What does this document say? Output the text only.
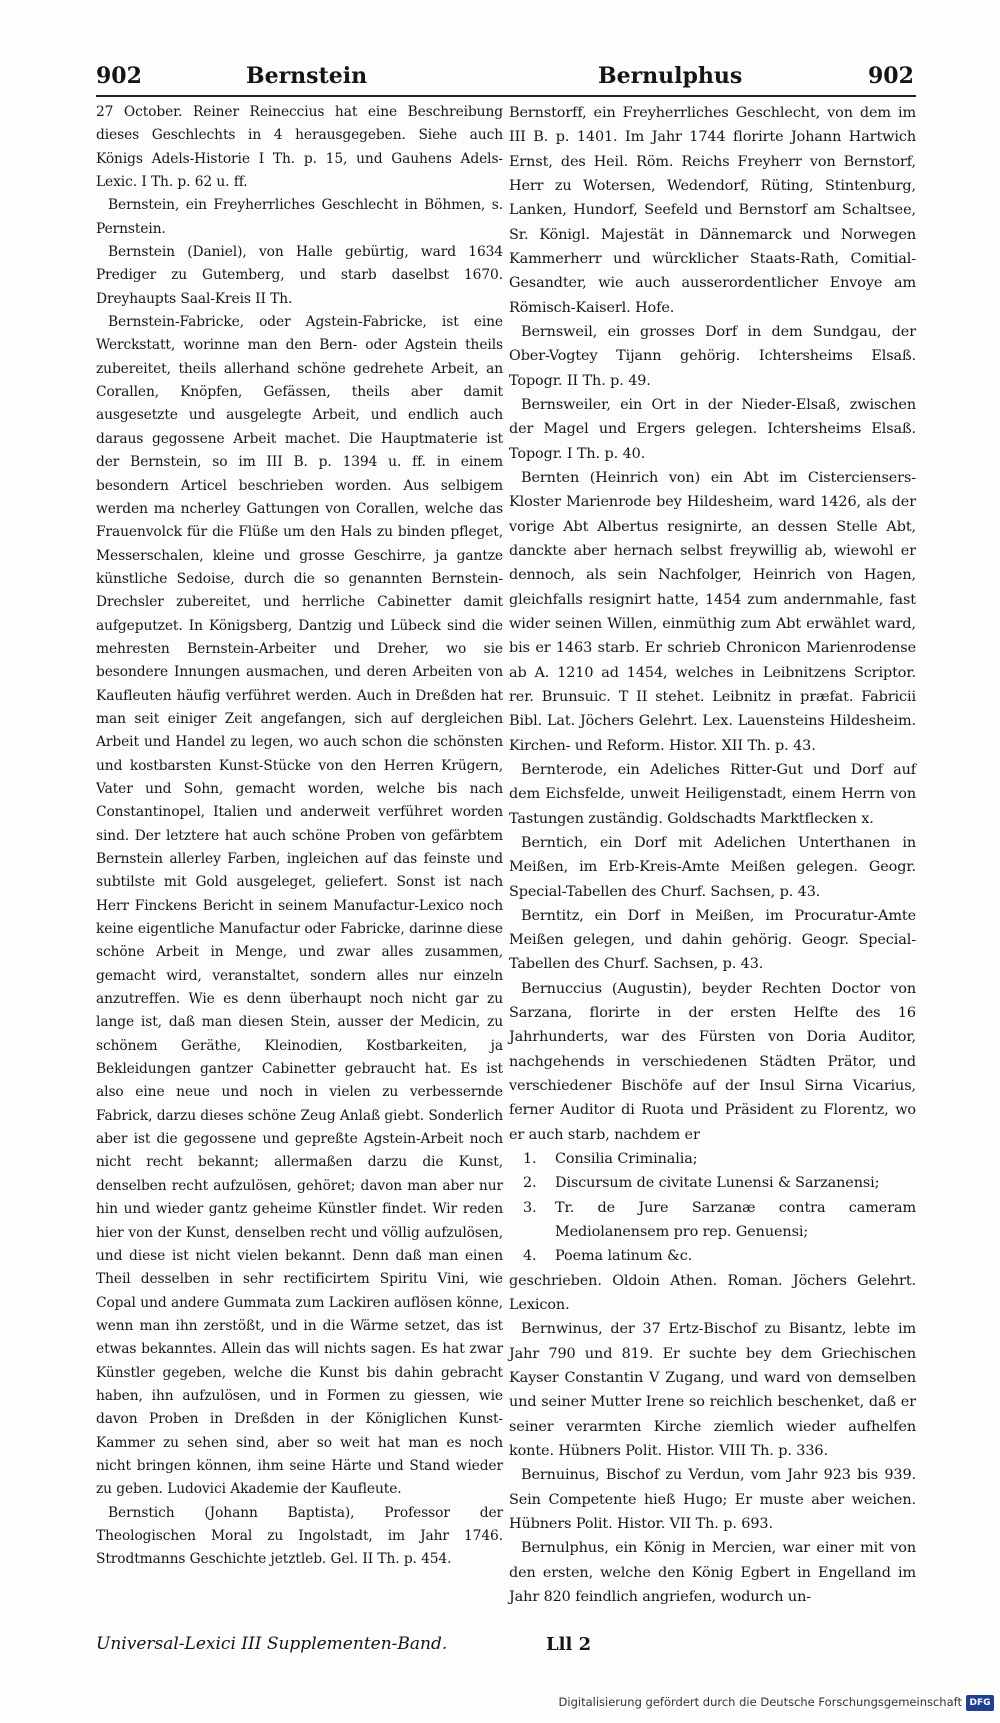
902	Bernstein	Bernulphus	902

27 October. Reiner Reineccius hat eine Beschreibung dieses Geschlechts in 4 herausgegeben. Siehe auch Königs Adels-Historie I Th. p. 15, und Gauhens Adels-Lexic. I Th. p. 62 u. ff.

Bernstein, ein Freyherrliches Geschlecht in Böhmen, s. Pernstein.

Bernstein (Daniel), von Halle gebürtig, ward 1634 Prediger zu Gutemberg, und starb daselbst 1670. Dreyhaupts Saal-Kreis II Th.

Bernstein-Fabricke, oder Agstein-Fabricke, ist eine Werckstatt, worinne man den Bern- oder Agstein theils zubereitet, theils allerhand schöne gedrehete Arbeit, an Corallen, Knöpfen, Gefässen, theils aber damit ausgesetzte und ausgelegte Arbeit, und endlich auch daraus gegossene Arbeit machet. Die Hauptmaterie ist der Bernstein, so im III B. p. 1394 u. ff. in einem besondern Articel beschrieben worden. Aus selbigem werden ma ncherley Gattungen von Corallen, welche das Frauenvolck für die Flüße um den Hals zu binden pfleget, Messerschalen, kleine und grosse Geschirre, ja gantze künstliche Sedoise, durch die so genannten Bernstein-Drechsler zubereitet, und herrliche Cabinetter damit aufgeputzet. In Königsberg, Dantzig und Lübeck sind die mehresten Bernstein-Arbeiter und Dreher, wo sie besondere Innungen ausmachen, und deren Arbeiten von Kaufleuten häufig verführet werden. Auch in Dreßden hat man seit einiger Zeit angefangen, sich auf dergleichen Arbeit und Handel zu legen, wo auch schon die schönsten und kostbarsten Kunst-Stücke von den Herren Krügern, Vater und Sohn, gemacht worden, welche bis nach Constantinopel, Italien und anderweit verführet worden sind. Der letztere hat auch schöne Proben von gefärbtem Bernstein allerley Farben, ingleichen auf das feinste und subtilste mit Gold ausgeleget, geliefert. Sonst ist nach Herr Finckens Bericht in seinem Manufactur-Lexico noch keine eigentliche Manufactur oder Fabricke, darinne diese schöne Arbeit in Menge, und zwar alles zusammen, gemacht wird, veranstaltet, sondern alles nur einzeln anzutreffen. Wie es denn überhaupt noch nicht gar zu lange ist, daß man diesen Stein, ausser der Medicin, zu schönem Geräthe, Kleinodien, Kostbarkeiten, ja Bekleidungen gantzer Cabinetter gebraucht hat. Es ist also eine neue und noch in vielen zu verbessernde Fabrick, darzu dieses schöne Zeug Anlaß giebt. Sonderlich aber ist die gegossene und gepreßte Agstein-Arbeit noch nicht recht bekannt; allermaßen darzu die Kunst, denselben recht aufzulösen, gehöret; davon man aber nur hin und wieder gantz geheime Künstler findet. Wir reden hier von der Kunst, denselben recht und völlig aufzulösen, und diese ist nicht vielen bekannt. Denn daß man einen Theil desselben in sehr rectificirtem Spiritu Vini, wie Copal und andere Gummata zum Lackiren auflösen könne, wenn man ihn zerstößt, und in die Wärme setzet, das ist etwas bekanntes. Allein das will nichts sagen. Es hat zwar Künstler gegeben, welche die Kunst bis dahin gebracht haben, ihn aufzulösen, und in Formen zu giessen, wie davon Proben in Dreßden in der Königlichen Kunst-Kammer zu sehen sind, aber so weit hat man es noch nicht bringen können, ihm seine Härte und Stand wieder zu geben. Ludovici Akademie der Kaufleute.

Bernstich (Johann Baptista), Professor der Theologischen Moral zu Ingolstadt, im Jahr 1746. Strodtmanns Geschichte jetztleb. Gel. II Th. p. 454.

Bernstorff, ein Freyherrliches Geschlecht, von dem im III B. p. 1401. Im Jahr 1744 florirte Johann Hartwich Ernst, des Heil. Röm. Reichs Freyherr von Bernstorf, Herr zu Wotersen, Wedendorf, Rüting, Stintenburg, Lanken, Hundorf, Seefeld und Bernstorf am Schaltsee, Sr. Königl. Majestät in Dännemarck und Norwegen Kammerherr und würcklicher Staats-Rath, Comitial-Gesandter, wie auch ausserordentlicher Envoye am Römisch-Kaiserl. Hofe.

Bernsweil, ein grosses Dorf in dem Sundgau, der Ober-Vogtey Tijann gehörig. Ichtersheims Elsaß. Topogr. II Th. p. 49.

Bernsweiler, ein Ort in der Nieder-Elsaß, zwischen der Magel und Ergers gelegen. Ichtersheims Elsaß. Topogr. I Th. p. 40.

Bernten (Heinrich von) ein Abt im Cisterciensers-Kloster Marienrode bey Hildesheim, ward 1426, als der vorige Abt Albertus resignirte, an dessen Stelle Abt, danckte aber hernach selbst freywillig ab, wiewohl er dennoch, als sein Nachfolger, Heinrich von Hagen, gleichfalls resignirt hatte, 1454 zum andernmahle, fast wider seinen Willen, einmüthig zum Abt erwählet ward, bis er 1463 starb. Er schrieb Chronicon Marienrodense ab A. 1210 ad 1454, welches in Leibnitzens Scriptor. rer. Brunsuic. T II stehet. Leibnitz in præfat. Fabricii Bibl. Lat. Jöchers Gelehrt. Lex. Lauensteins Hildesheim. Kirchen- und Reform. Histor. XII Th. p. 43.

Bernterode, ein Adeliches Ritter-Gut und Dorf auf dem Eichsfelde, unweit Heiligenstadt, einem Herrn von Tastungen zuständig. Goldschadts Marktflecken x.

Berntich, ein Dorf mit Adelichen Unterthanen in Meißen, im Erb-Kreis-Amte Meißen gelegen. Geogr. Special-Tabellen des Churf. Sachsen, p. 43.

Berntitz, ein Dorf in Meißen, im Procuratur-Amte Meißen gelegen, und dahin gehörig. Geogr. Special-Tabellen des Churf. Sachsen, p. 43.

Bernuccius (Augustin), beyder Rechten Doctor von Sarzana, florirte in der ersten Helfte des 16 Jahrhunderts, war des Fürsten von Doria Auditor, nachgehends in verschiedenen Städten Prätor, und verschiedener Bischöfe auf der Insul Sirna Vicarius, ferner Auditor di Ruota und Präsident zu Florentz, wo er auch starb, nachdem er

1. Consilia Criminalia;
2. Discursum de civitate Lunensi & Sarzanensi;
3. Tr. de Jure Sarzanæ contra cameram Mediolanensem pro rep. Genuensi;
4. Poema latinum &c.

geschrieben. Oldoin Athen. Roman. Jöchers Gelehrt. Lexicon.

Bernwinus, der 37 Ertz-Bischof zu Bisantz, lebte im Jahr 790 und 819. Er suchte bey dem Griechischen Kayser Constantin V Zugang, und ward von demselben und seiner Mutter Irene so reichlich beschenket, daß er seiner verarmten Kirche ziemlich wieder aufhelfen konte. Hübners Polit. Histor. VIII Th. p. 336.

Bernuinus, Bischof zu Verdun, vom Jahr 923 bis 939. Sein Competente hieß Hugo; Er muste aber weichen. Hübners Polit. Histor. VII Th. p. 693.

Bernulphus, ein König in Mercien, war einer mit von den ersten, welche den König Egbert in Engelland im Jahr 820 feindlich angriefen, wodurch un-

Universal-Lexici III Supplementen-Band.	Lll 2
Digitalisierung gefördert durch die Deutsche Forschungsgemeinschaft DFG
